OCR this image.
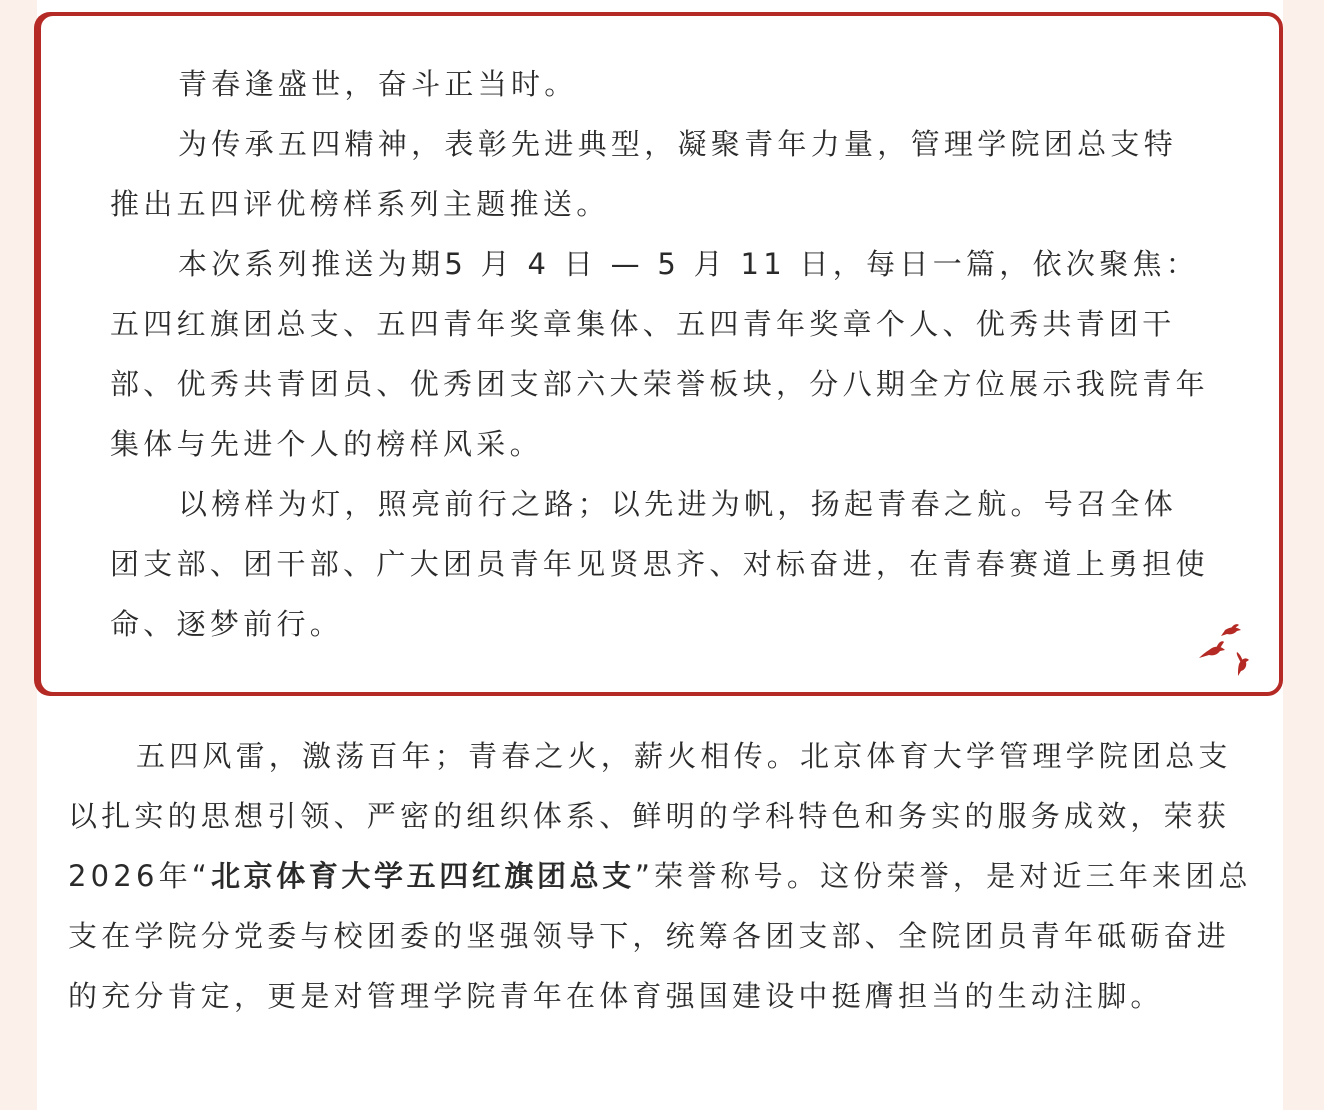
青春逢盛世，奋斗正当时。

为传承五四精神，表彰先进典型，凝聚青年力量，管理学院团总支特推出五四评优榜样系列主题推送。

本次系列推送为期5 月 4 日 — 5 月 11 日，每日一篇，依次聚焦：五四红旗团总支、五四青年奖章集体、五四青年奖章个人、优秀共青团干部、优秀共青团员、优秀团支部六大荣誉板块，分八期全方位展示我院青年集体与先进个人的榜样风采。

以榜样为灯，照亮前行之路；以先进为帆，扬起青春之航。号召全体团支部、团干部、广大团员青年见贤思齐、对标奋进，在青春赛道上勇担使命、逐梦前行。

五四风雷，激荡百年；青春之火，薪火相传。北京体育大学管理学院团总支以扎实的思想引领、严密的组织体系、鲜明的学科特色和务实的服务成效，荣获2026年“北京体育大学五四红旗团总支”荣誉称号。这份荣誉，是对近三年来团总支在学院分党委与校团委的坚强领导下，统筹各团支部、全院团员青年砥砺奋进的充分肯定，更是对管理学院青年在体育强国建设中挺膺担当的生动注脚。
